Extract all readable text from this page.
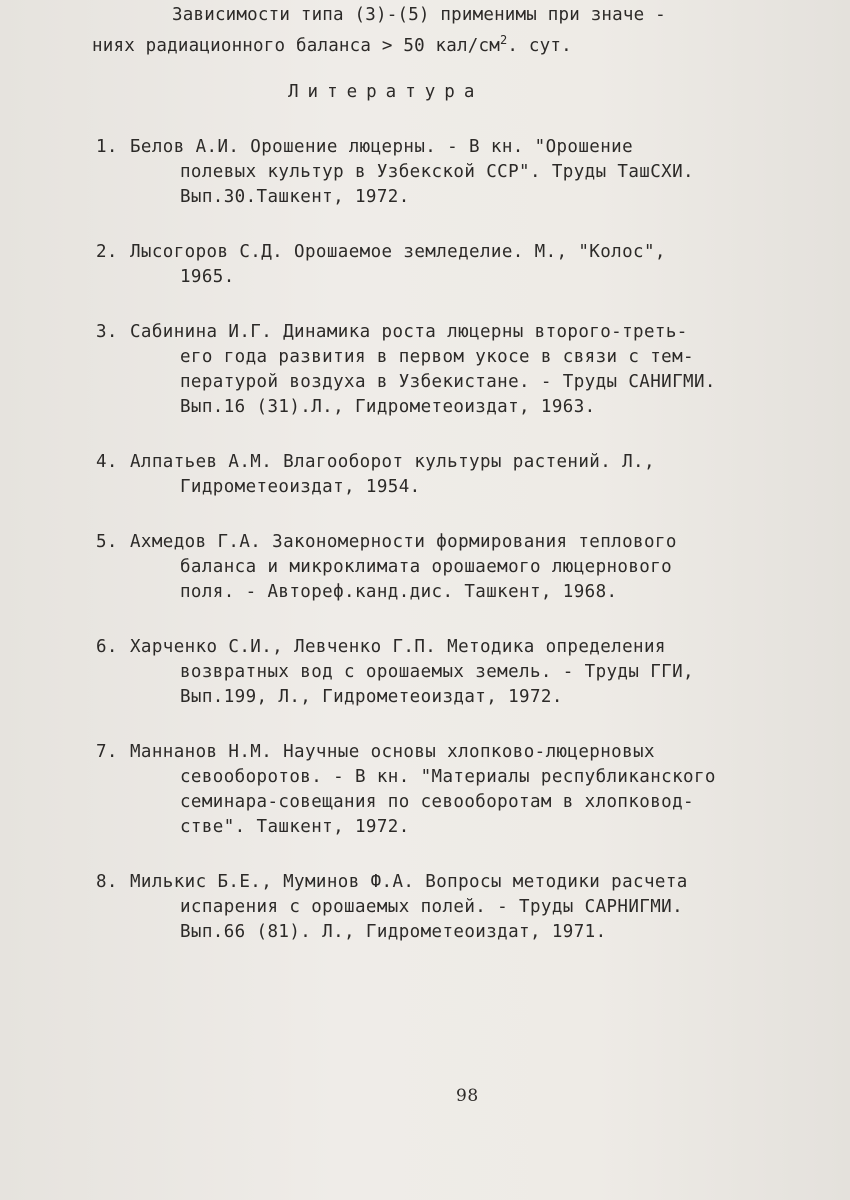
Зависимости типа (3)-(5) применимы при значе -
ниях радиационного баланса > 50 кал/$см^2$. сут.
Литература
1. Белов А.И. Орошение люцерны. - В кн. "Орошение
полевых культур в Узбекской ССР". Труды ТашСХИ.
Вып.30.Ташкент, 1972.
2. Лысогоров С.Д. Орошаемое земледелие. М., "Колос",
1965.
3. Сабинина И.Г. Динамика роста люцерны второго-треть-
его года развития в первом укосе в связи с тем-
пературой воздуха в Узбекистане. - Труды САНИГМИ.
Вып.16 (31).Л., Гидрометеоиздат, 1963.
4. Алпатьев А.М. Влагооборот культуры растений. Л.,
Гидрометеоиздат, 1954.
5. Ахмедов Г.А. Закономерности формирования теплового
баланса и микроклимата орошаемого люцернового
поля. - Автореф.канд.дис. Ташкент, 1968.
6. Харченко С.И., Левченко Г.П. Методика определения
возвратных вод с орошаемых земель. - Труды ГГИ,
Вып.199, Л., Гидрометеоиздат, 1972.
7. Маннанов Н.М. Научные основы хлопково-люцерновых
севооборотов. - В кн. "Материалы республиканского
семинара-совещания по севооборотам в хлопковод-
стве". Ташкент, 1972.
8. Милькис Б.Е., Муминов Ф.А. Вопросы методики расчета
испарения с орошаемых полей. - Труды САРНИГМИ.
Вып.66 (81). Л., Гидрометеоиздат, 1971.
98
